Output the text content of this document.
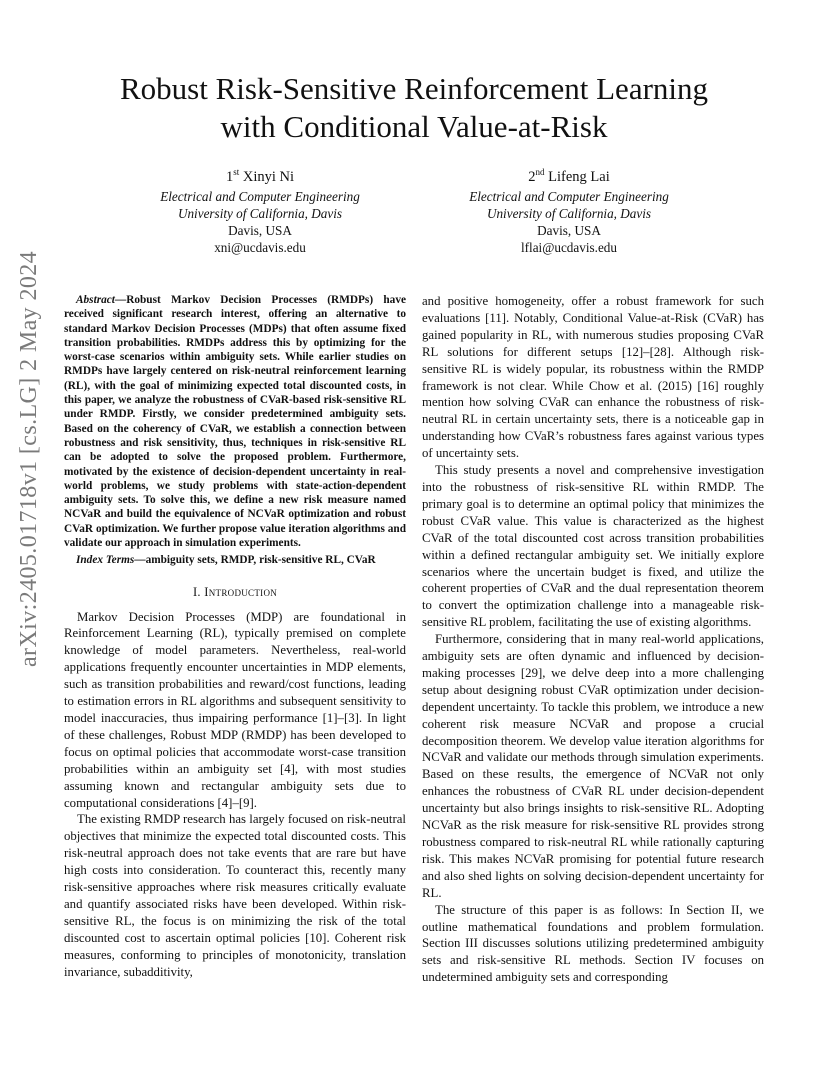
Robust Risk-Sensitive Reinforcement Learning
with Conditional Value-at-Risk
1st Xinyi Ni
Electrical and Computer Engineering
University of California, Davis
Davis, USA
xni@ucdavis.edu
2nd Lifeng Lai
Electrical and Computer Engineering
University of California, Davis
Davis, USA
lflai@ucdavis.edu
arXiv:2405.01718v1 [cs.LG] 2 May 2024	Abstract—Robust Markov Decision Processes (RMDPs) have received significant research interest, offering an alternative to standard Markov Decision Processes (MDPs) that often assume fixed transition probabilities. RMDPs address this by optimizing for the worst-case scenarios within ambiguity sets. While earlier studies on RMDPs have largely centered on risk-neutral reinforcement learning (RL), with the goal of minimizing expected total discounted costs, in this paper, we analyze the robustness of CVaR-based risk-sensitive RL under RMDP. Firstly, we consider predetermined ambiguity sets. Based on the coherency of CVaR, we establish a connection between robustness and risk sensitivity, thus, techniques in risk-sensitive RL can be adopted to solve the proposed problem. Furthermore, motivated by the existence of decision-dependent uncertainty in real-world problems, we study problems with state-action-dependent ambiguity sets. To solve this, we define a new risk measure named NCVaR and build the equivalence of NCVaR optimization and robust CVaR optimization. We further propose value iteration algorithms and validate our approach in simulation experiments.

Index Terms—ambiguity sets, RMDP, risk-sensitive RL, CVaR

I. Introduction

Markov Decision Processes (MDP) are foundational in Reinforcement Learning (RL), typically premised on complete knowledge of model parameters. Nevertheless, real-world applications frequently encounter uncertainties in MDP elements, such as transition probabilities and reward/cost functions, leading to estimation errors in RL algorithms and subsequent sensitivity to model inaccuracies, thus impairing performance [1]–[3]. In light of these challenges, Robust MDP (RMDP) has been developed to focus on optimal policies that accommodate worst-case transition probabilities within an ambiguity set [4], with most studies assuming known and rectangular ambiguity sets due to computational considerations [4]–[9].

The existing RMDP research has largely focused on risk-neutral objectives that minimize the expected total discounted costs. This risk-neutral approach does not take events that are rare but have high costs into consideration. To counteract this, recently many risk-sensitive approaches where risk measures critically evaluate and quantify associated risks have been developed. Within risk-sensitive RL, the focus is on minimizing the risk of the total discounted cost to ascertain optimal policies [10]. Coherent risk measures, conforming to principles of monotonicity, translation invariance, subadditivity,

and positive homogeneity, offer a robust framework for such evaluations [11]. Notably, Conditional Value-at-Risk (CVaR) has gained popularity in RL, with numerous studies proposing CVaR RL solutions for different setups [12]–[28]. Although risk-sensitive RL is widely popular, its robustness within the RMDP framework is not clear. While Chow et al. (2015) [16] roughly mention how solving CVaR can enhance the robustness of risk-neutral RL in certain uncertainty sets, there is a noticeable gap in understanding how CVaR’s robustness fares against various types of uncertainty sets.

This study presents a novel and comprehensive investigation into the robustness of risk-sensitive RL within RMDP. The primary goal is to determine an optimal policy that minimizes the robust CVaR value. This value is characterized as the highest CVaR of the total discounted cost across transition probabilities within a defined rectangular ambiguity set. We initially explore scenarios where the uncertain budget is fixed, and utilize the coherent properties of CVaR and the dual representation theorem to convert the optimization challenge into a manageable risk-sensitive RL problem, facilitating the use of existing algorithms.

Furthermore, considering that in many real-world applications, ambiguity sets are often dynamic and influenced by decision-making processes [29], we delve deep into a more challenging setup about designing robust CVaR optimization under decision-dependent uncertainty. To tackle this problem, we introduce a new coherent risk measure NCVaR and propose a crucial decomposition theorem. We develop value iteration algorithms for NCVaR and validate our methods through simulation experiments. Based on these results, the emergence of NCVaR not only enhances the robustness of CVaR RL under decision-dependent uncertainty but also brings insights to risk-sensitive RL. Adopting NCVaR as the risk measure for risk-sensitive RL provides strong robustness compared to risk-neutral RL while rationally capturing risk. This makes NCVaR promising for potential future research and also shed lights on solving decision-dependent uncertainty for RL.

The structure of this paper is as follows: In Section II, we outline mathematical foundations and problem formulation. Section III discusses solutions utilizing predetermined ambiguity sets and risk-sensitive RL methods. Section IV focuses on undetermined ambiguity sets and corresponding
